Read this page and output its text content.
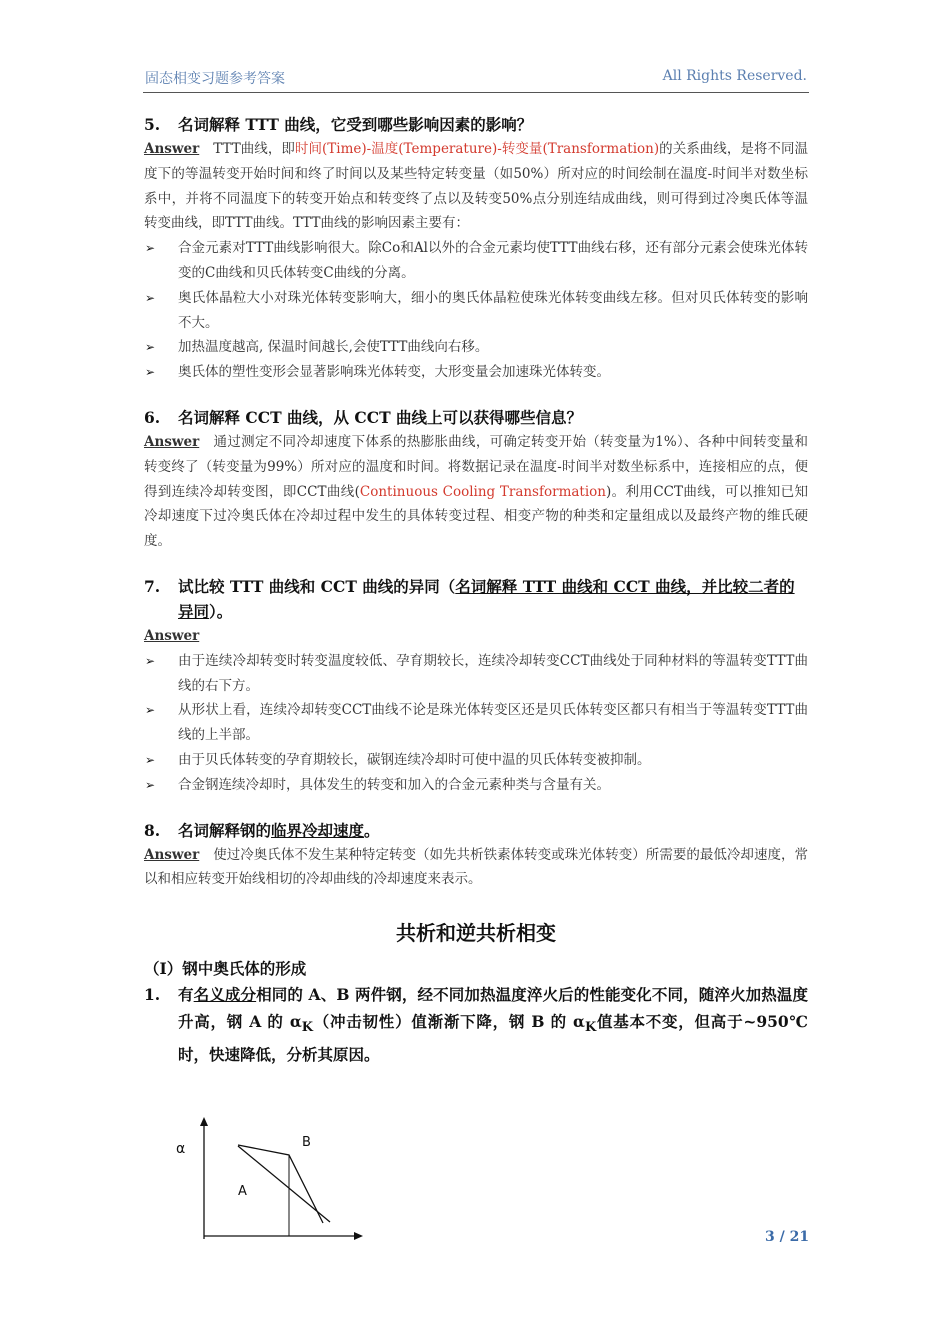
固态相变习题参考答案	All Rights Reserved.
5.	名词解释 TTT 曲线，它受到哪些影响因素的影响？
Answer TTT曲线，即时间(Time)-温度(Temperature)-转变量(Transformation)的关系曲线，是将不同温度下的等温转变开始时间和终了时间以及某些特定转变量（如50%）所对应的时间绘制在温度-时间半对数坐标系中，并将不同温度下的转变开始点和转变终了点以及转变50%点分别连结成曲线，则可得到过冷奥氏体等温转变曲线，即TTT曲线。TTT曲线的影响因素主要有：
➢ 合金元素对TTT曲线影响很大。除Co和Al以外的合金元素均使TTT曲线右移，还有部分元素会使珠光体转变的C曲线和贝氏体转变C曲线的分离。
➢ 奥氏体晶粒大小对珠光体转变影响大，细小的奥氏体晶粒使珠光体转变曲线左移。但对贝氏体转变的影响不大。
➢ 加热温度越高, 保温时间越长,会使TTT曲线向右移。
➢ 奥氏体的塑性变形会显著影响珠光体转变，大形变量会加速珠光体转变。
6.	名词解释 CCT 曲线，从 CCT 曲线上可以获得哪些信息？
Answer 通过测定不同冷却速度下体系的热膨胀曲线，可确定转变开始（转变量为1%）、各种中间转变量和转变终了（转变量为99%）所对应的温度和时间。将数据记录在温度-时间半对数坐标系中，连接相应的点，便得到连续冷却转变图，即CCT曲线(Continuous Cooling Transformation)。利用CCT曲线，可以推知已知冷却速度下过冷奥氏体在冷却过程中发生的具体转变过程、相变产物的种类和定量组成以及最终产物的维氏硬度。
7.	试比较 TTT 曲线和 CCT 曲线的异同（名词解释 TTT 曲线和 CCT 曲线，并比较二者的异同）。
Answer
➢ 由于连续冷却转变时转变温度较低、孕育期较长，连续冷却转变CCT曲线处于同种材料的等温转变TTT曲线的右下方。
➢ 从形状上看，连续冷却转变CCT曲线不论是珠光体转变区还是贝氏体转变区都只有相当于等温转变TTT曲线的上半部。
➢ 由于贝氏体转变的孕育期较长，碳钢连续冷却时可使中温的贝氏体转变被抑制。
➢ 合金钢连续冷却时，具体发生的转变和加入的合金元素种类与含量有关。
8.	名词解释钢的临界冷却速度。
Answer 使过冷奥氏体不发生某种特定转变（如先共析铁素体转变或珠光体转变）所需要的最低冷却速度，常以和相应转变开始线相切的冷却曲线的冷却速度来表示。
共析和逆共析相变
（I）钢中奥氏体的形成
1.	有名义成分相同的 A、B 两件钢，经不同加热温度淬火后的性能变化不同，随淬火加热温度升高，钢 A 的 $\alpha_K$（冲击韧性）值渐渐下降，钢 B 的 $\alpha_K$值基本不变，但高于~950℃时，快速降低，分析其原因。
α	B
A
3 / 21
